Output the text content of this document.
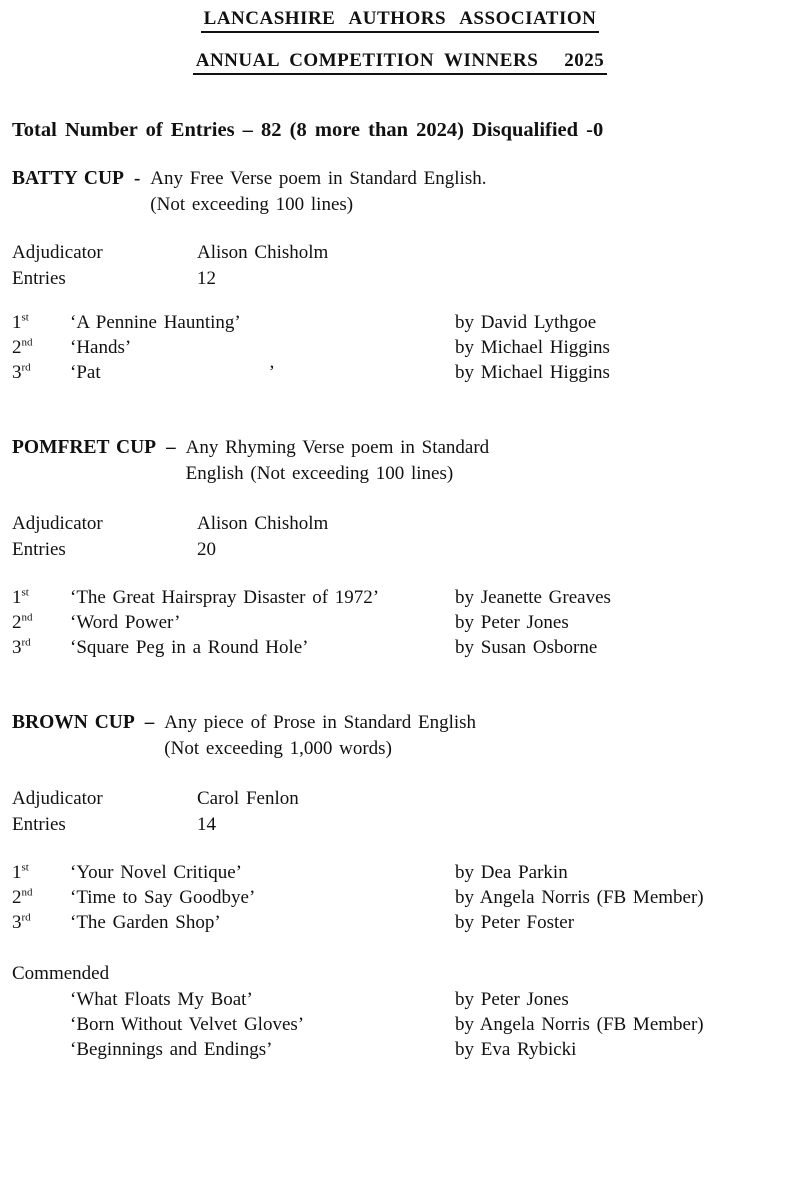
LANCASHIRE AUTHORS ASSOCIATION
ANNUAL COMPETITION WINNERS 2025
Total Number of Entries – 82 (8 more than 2024) Disqualified -0
BATTY CUP - Any Free Verse poem in Standard English.
(Not exceeding 100 lines)
Adjudicator	Alison Chisholm
Entries	12
1st	‘A Pennine Haunting’	by David Lythgoe
2nd	‘Hands’	by Michael Higgins
3rd	‘Pat	’	by Michael Higgins
POMFRET CUP – Any Rhyming Verse poem in Standard
English (Not exceeding 100 lines)
Adjudicator	Alison Chisholm
Entries	20
1st	‘The Great Hairspray Disaster of 1972’	by Jeanette Greaves
2nd	‘Word Power’	by Peter Jones
3rd	‘Square Peg in a Round Hole’	by Susan Osborne
BROWN CUP – Any piece of Prose in Standard English
(Not exceeding 1,000 words)
Adjudicator	Carol Fenlon
Entries	14
1st	‘Your Novel Critique’	by Dea Parkin
2nd	‘Time to Say Goodbye’	by Angela Norris (FB Member)
3rd	‘The Garden Shop’	by Peter Foster
Commended
‘What Floats My Boat’	by Peter Jones
‘Born Without Velvet Gloves’	by Angela Norris (FB Member)
‘Beginnings and Endings’	by Eva Rybicki
